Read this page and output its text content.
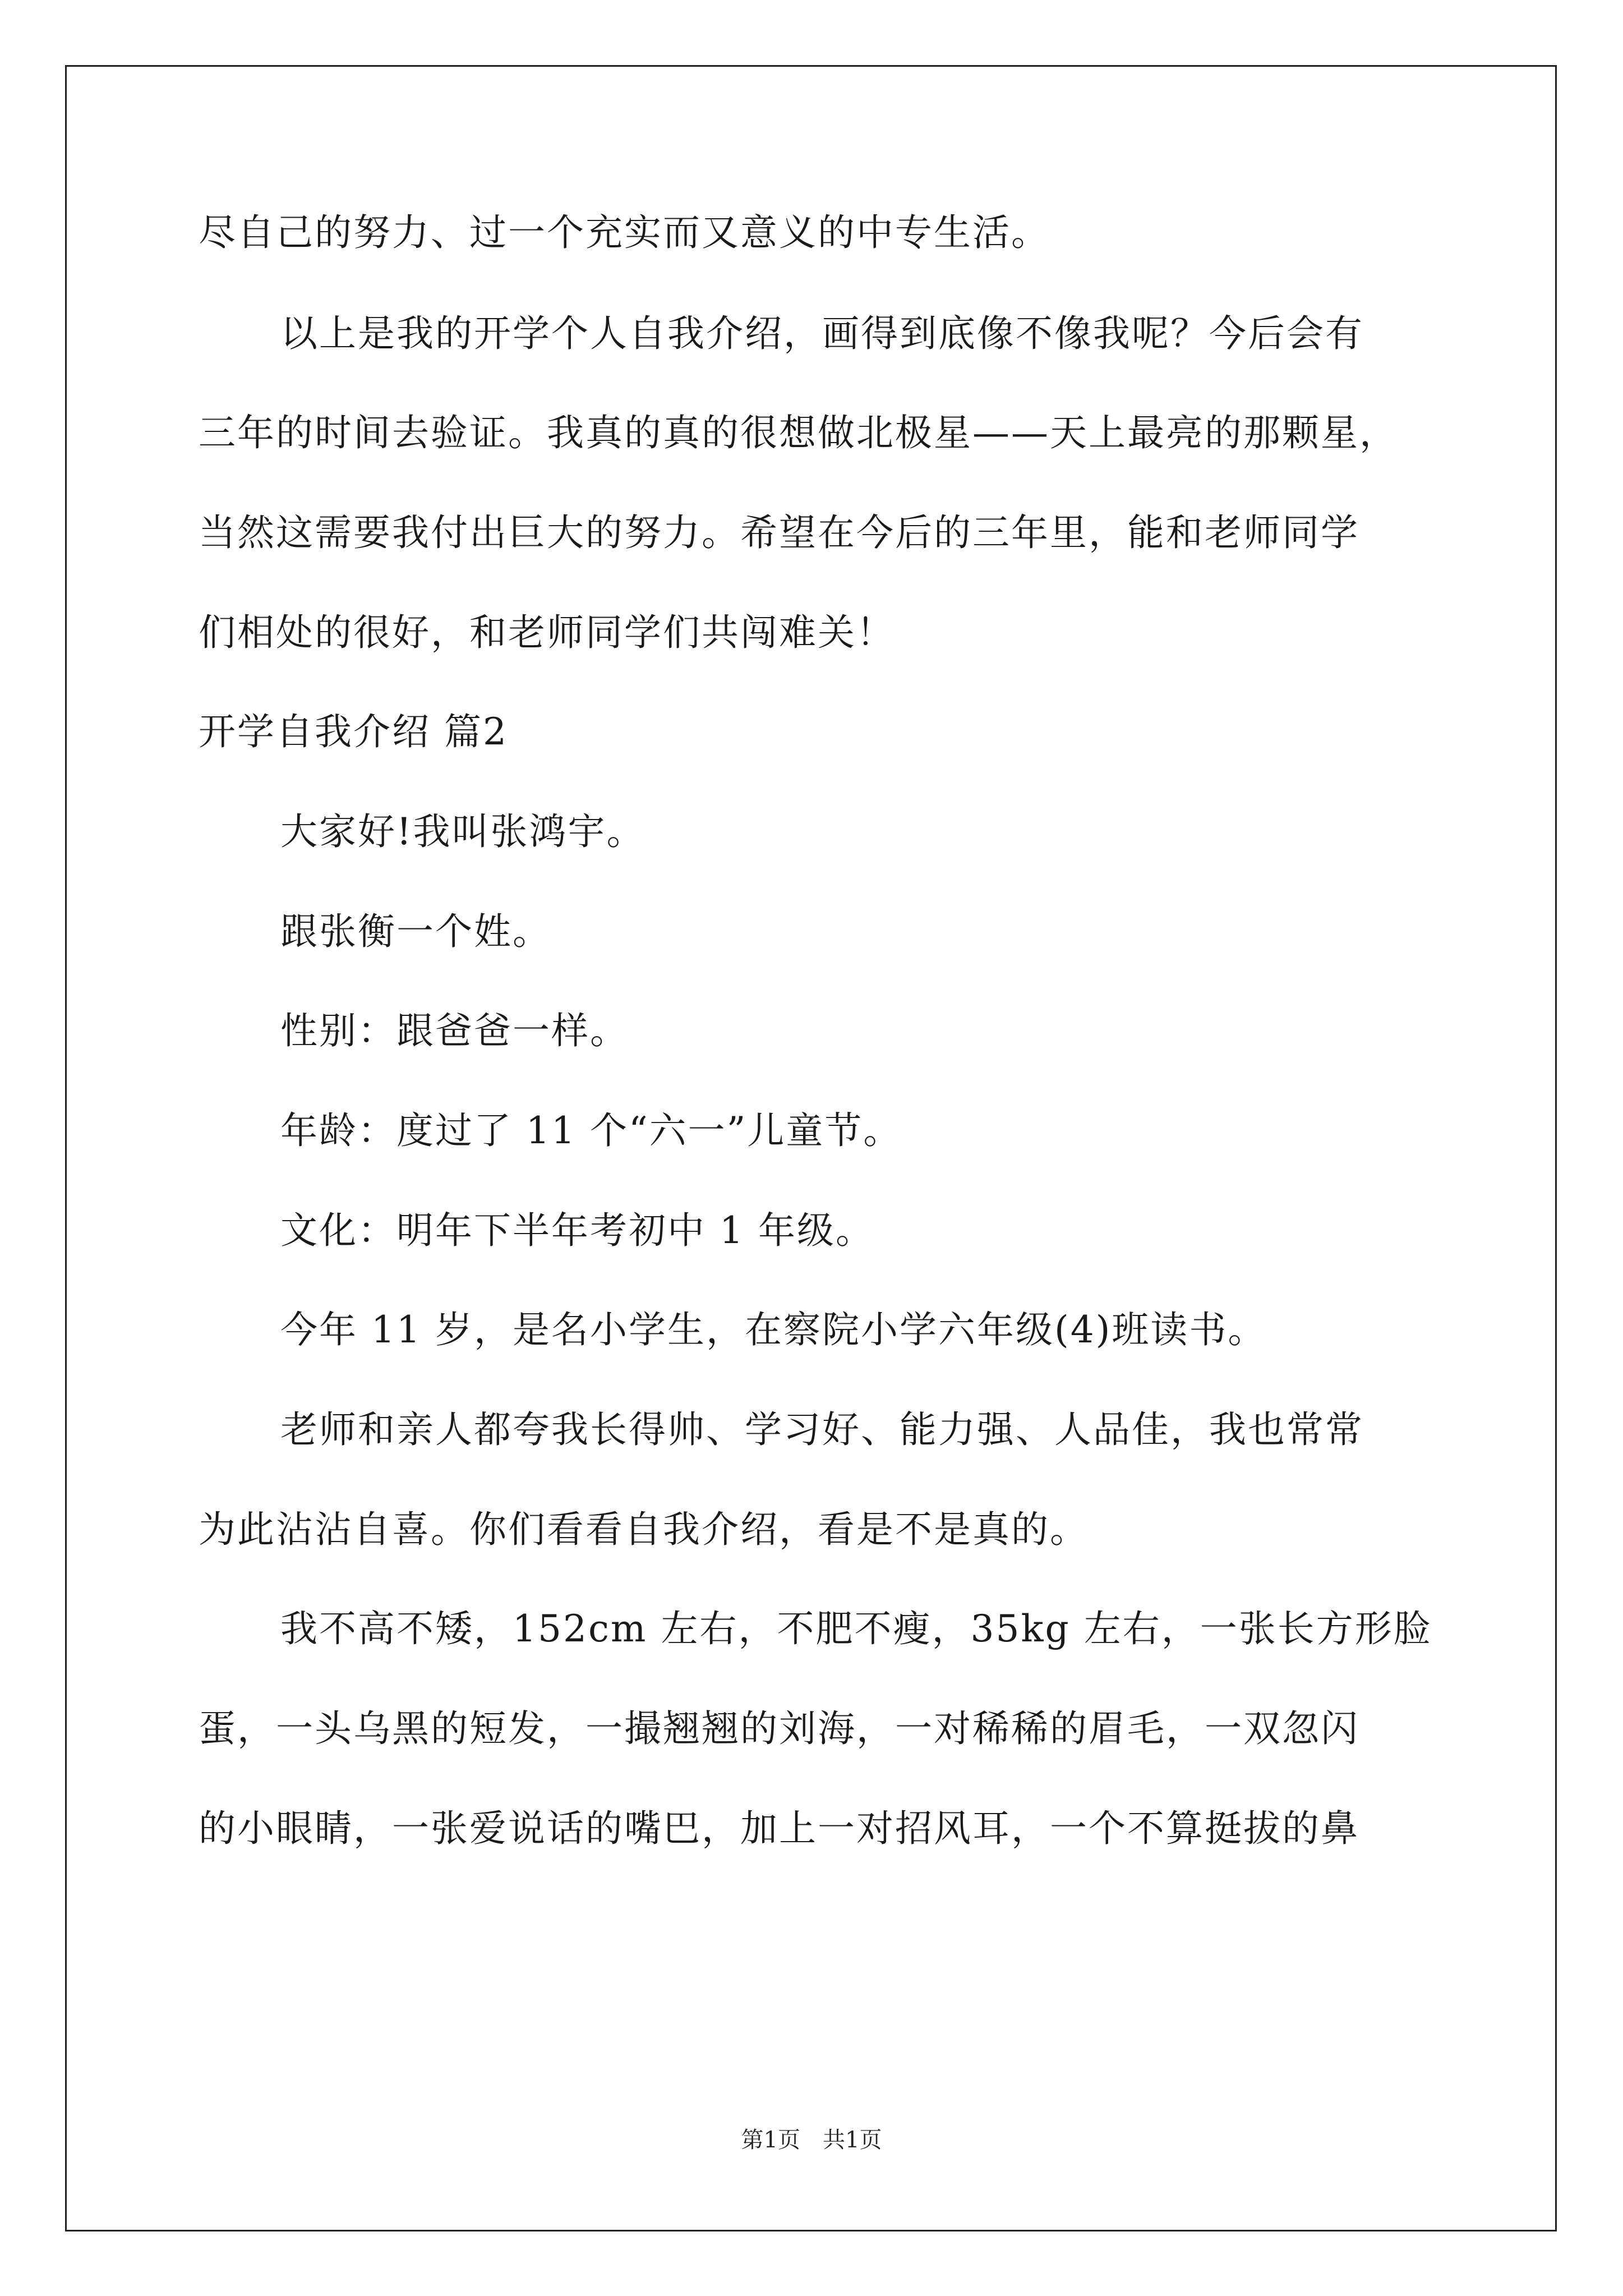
尽自己的努力、过一个充实而又意义的中专生活。
以上是我的开学个人自我介绍，画得到底像不像我呢？今后会有
三年的时间去验证。我真的真的很想做北极星——天上最亮的那颗星，
当然这需要我付出巨大的努力。希望在今后的三年里，能和老师同学
们相处的很好，和老师同学们共闯难关！
开学自我介绍 篇2
大家好!我叫张鸿宇。
跟张衡一个姓。
性别：跟爸爸一样。
年龄：度过了 11 个“六一”儿童节。
文化：明年下半年考初中 1 年级。
今年 11 岁，是名小学生，在察院小学六年级(4)班读书。
老师和亲人都夸我长得帅、学习好、能力强、人品佳，我也常常
为此沾沾自喜。你们看看自我介绍，看是不是真的。
我不高不矮，152cm 左右，不肥不瘦，35kg 左右，一张长方形脸
蛋，一头乌黑的短发，一撮翘翘的刘海，一对稀稀的眉毛，一双忽闪
的小眼睛，一张爱说话的嘴巴，加上一对招风耳，一个不算挺拔的鼻
第1页　共1页
